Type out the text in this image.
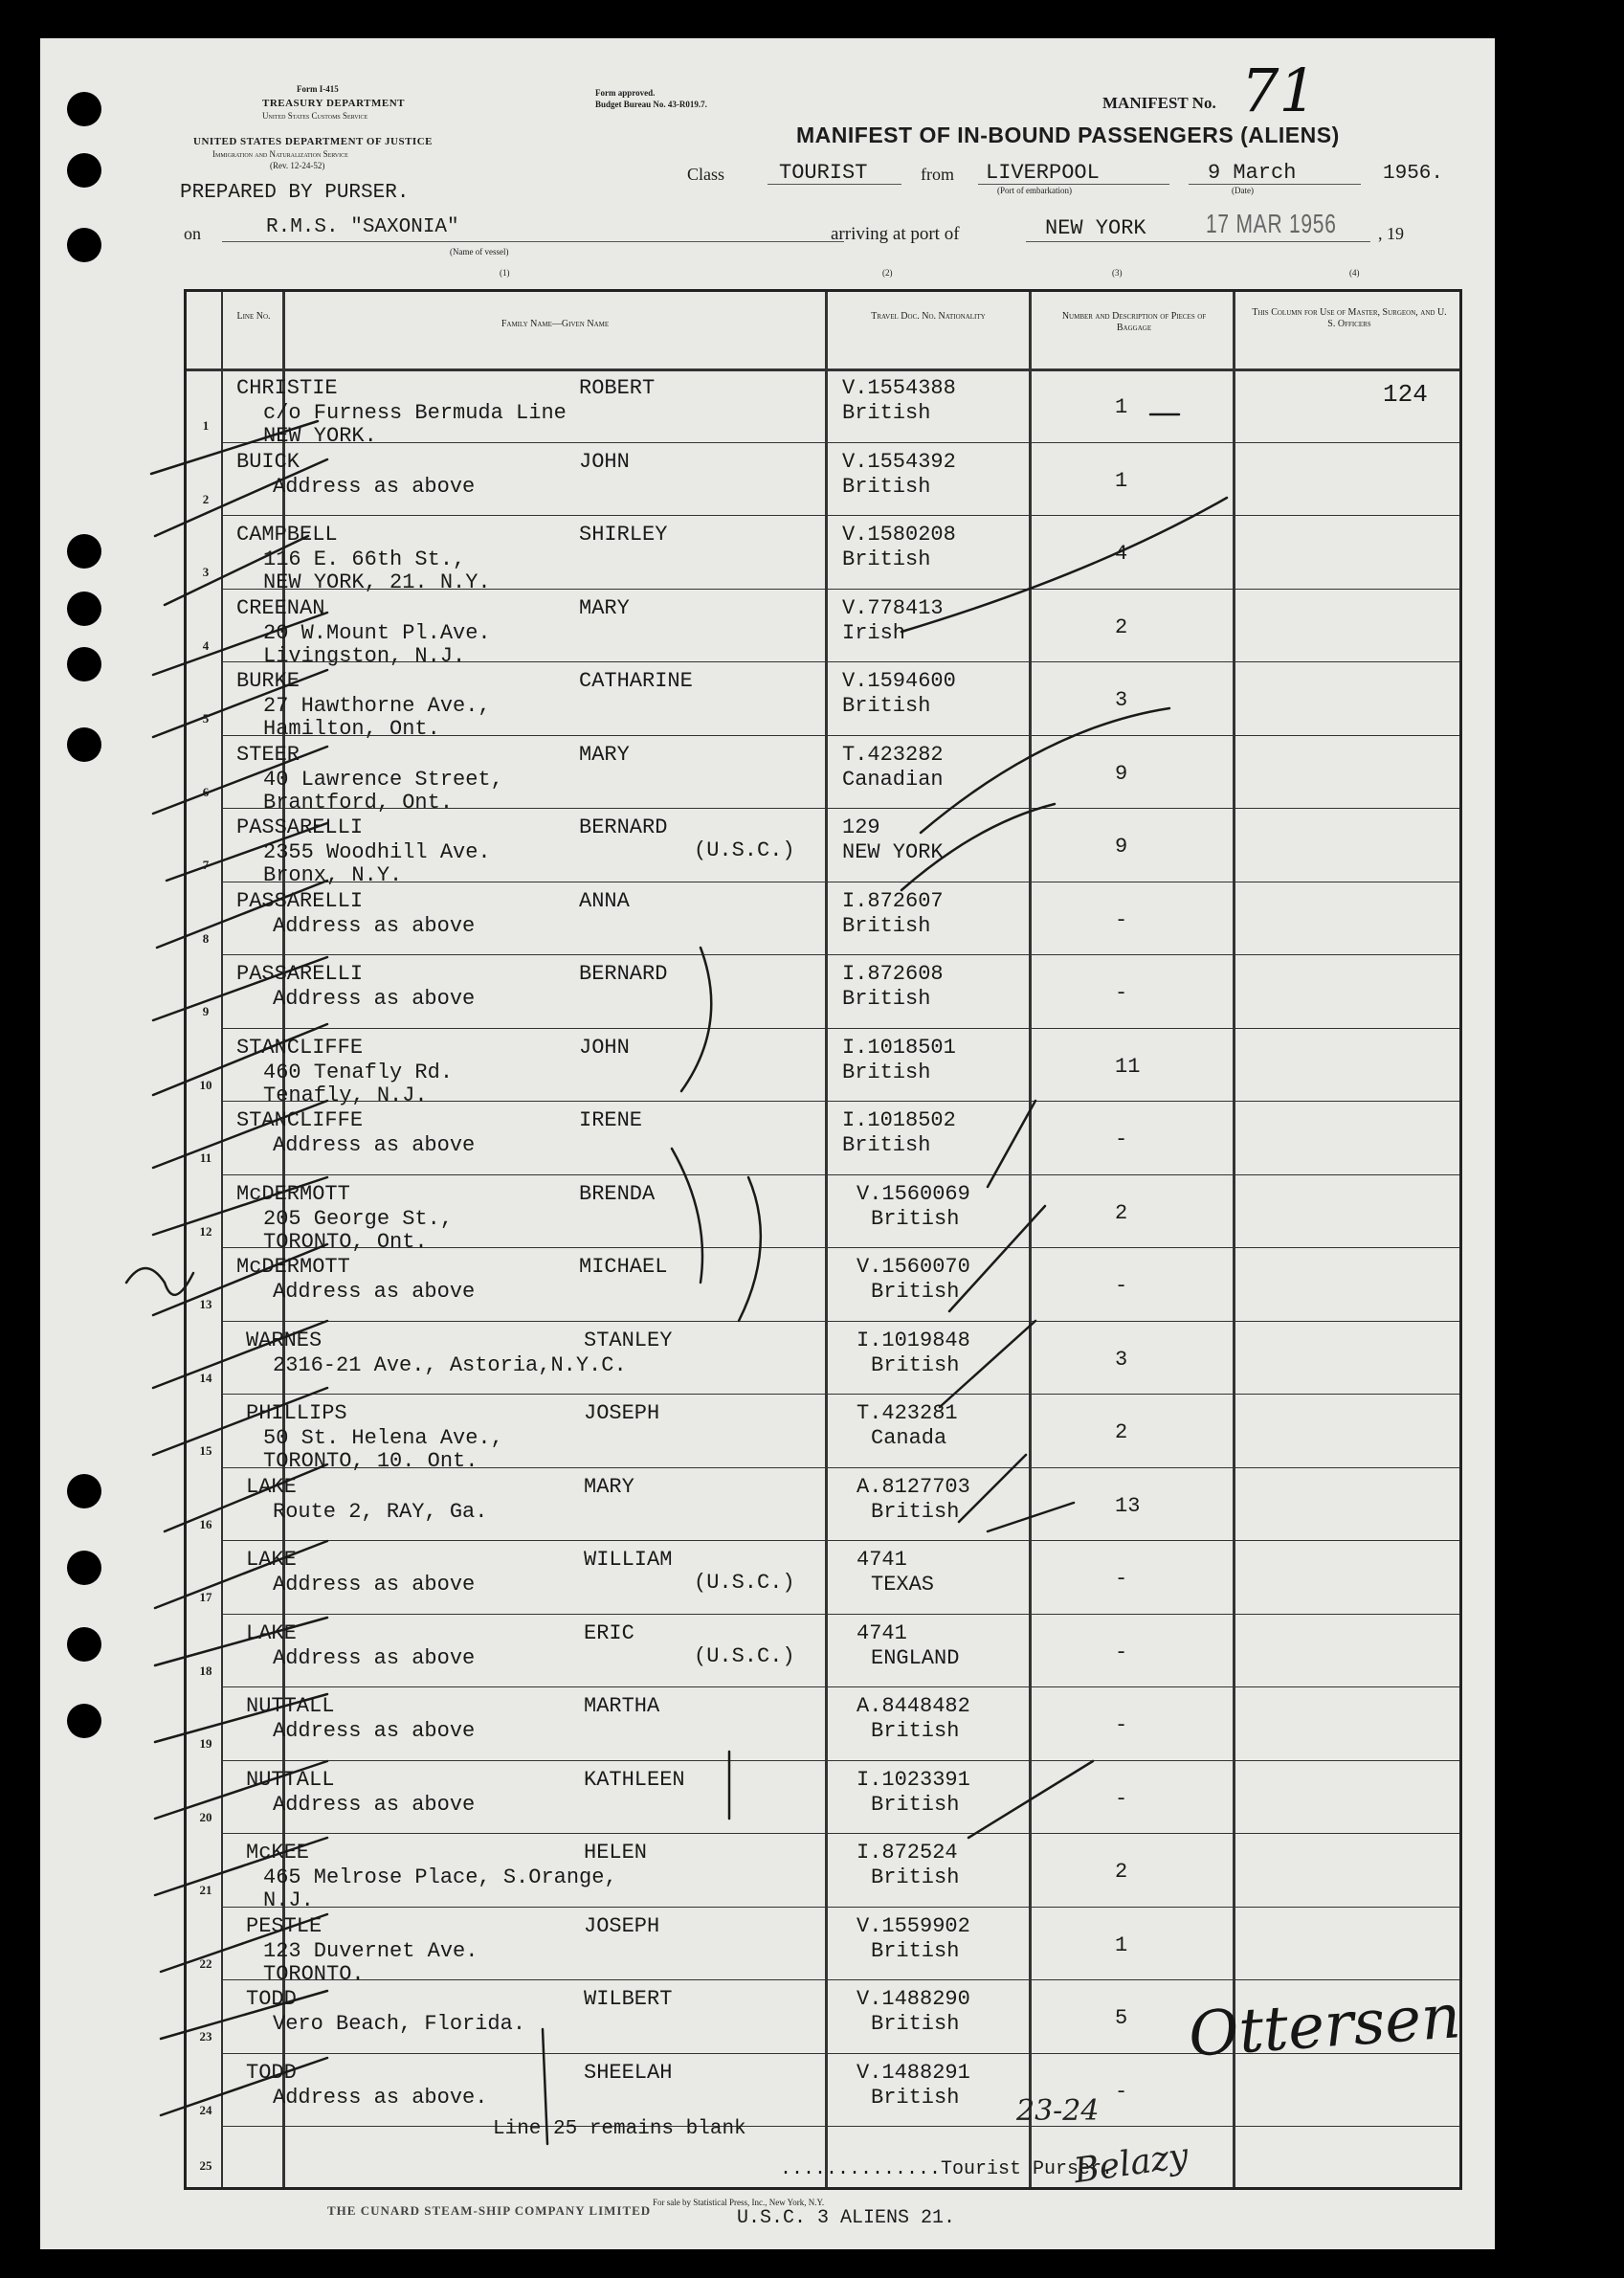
Form I-415
TREASURY DEPARTMENT
United States Customs Service
UNITED STATES DEPARTMENT OF JUSTICE
Immigration and Naturalization Service
(Rev. 12-24-52)
Form approved.
Budget Bureau No. 43-R019.7.	MANIFEST No. 71
MANIFEST OF IN-BOUND PASSENGERS (ALIENS)
PREPARED BY PURSER.
Class	TOURIST	from LIVERPOOL
(Port of embarkation)
9 March
(Date)
1956.
on	R.M.S. "SAXONIA"
(Name of vessel)
arriving at port of	NEW YORK 17 MAR 1956 , 19
(1)	(2)	(3)	(4)
Line No.
Family Name—Given Name
Travel Doc. No. Nationality	Number and Description of Pieces of Baggage
This Column for Use of Master, Surgeon, and U. S. Officers
1
CHRISTIE	ROBERT
c/o Furness Bermuda Line
NEW YORK.
V.1554388
British	1	124
2
BUICK	JOHN
Address as above
V.1554392
British	1
3
CAMPBELL	SHIRLEY
116 E. 66th St.,
NEW YORK, 21. N.Y.
V.1580208
British	4
4
CREENAN	MARY
20 W.Mount Pl.Ave.
Livingston, N.J.
V.778413
Irish	2
5
BURKE	CATHARINE
27 Hawthorne Ave.,
Hamilton, Ont.
V.1594600
British	3
6
STEER	MARY
40 Lawrence Street,
Brantford, Ont.
T.423282
Canadian	9
7
PASSARELLI	BERNARD
2355 Woodhill Ave.
Bronx, N.Y.
(U.S.C.)
129
NEW YORK	9
8
PASSARELLI	ANNA
Address as above
I.872607
British	-
9
PASSARELLI	BERNARD
Address as above
I.872608
British	-
10
STANCLIFFE	JOHN
460 Tenafly Rd.
Tenafly, N.J.
I.1018501
British	11
11
STANCLIFFE	IRENE
Address as above
I.1018502
British	-
12
McDERMOTT	BRENDA
205 George St.,
TORONTO, Ont.
V.1560069
British	2
13
McDERMOTT	MICHAEL
Address as above
V.1560070
British	-
14
WARNES	STANLEY
2316-21 Ave., Astoria,N.Y.C.
I.1019848
British	3
15
PHILLIPS	JOSEPH
50 St. Helena Ave.,
TORONTO, 10. Ont.
T.423281
Canada	2
16
LAKE	MARY
Route 2, RAY, Ga.
A.8127703
British	13
17
LAKE	WILLIAM
Address as above	(U.S.C.)
4741
TEXAS	-
18
LAKE	ERIC
Address as above	(U.S.C.)
4741
ENGLAND	-
19
NUTTALL	MARTHA
Address as above
A.8448482
British	-
20
NUTTALL	KATHLEEN
Address as above
I.1023391
British	-
21
McKEE	HELEN
465 Melrose Place, S.Orange,
N.J.
I.872524
British	2
22
PESTLE	JOSEPH
123 Duvernet Ave.
TORONTO.
V.1559902
British	1
23
TODD	WILBERT
Vero Beach, Florida.
V.1488290
British	5
24
TODD	SHEELAH
Address as above.
V.1488291
British	-
25
Line 25 remains blank
..............Tourist Purser.
THE CUNARD STEAM-SHIP COMPANY LIMITED
For sale by Statistical Press, Inc., New York, N.Y.
U.S.C. 3 ALIENS 21.
Ottersen
23-24
Belazy
